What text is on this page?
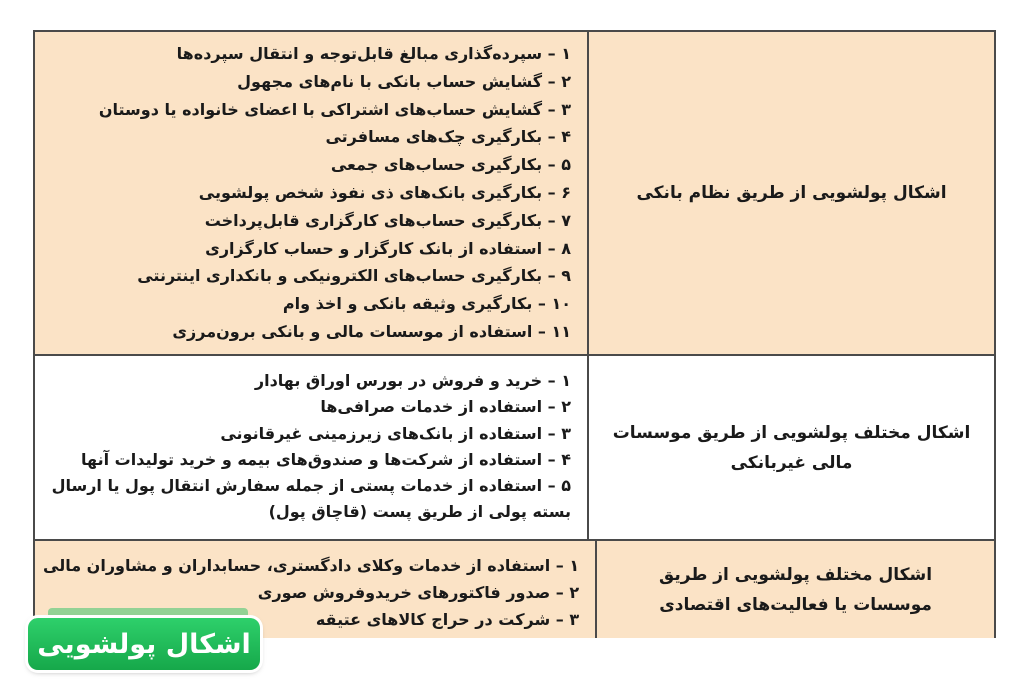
اشکال پولشویی از طریق نظام بانکی
۱ – سپرده‌گذاری مبالغ قابل‌توجه و انتقال سپرده‌ها
۲ – گشایش حساب بانکی با نام‌های مجهول
۳ – گشایش حساب‌های اشتراکی با اعضای خانواده یا دوستان
۴ – بکارگیری چک‌های مسافرتی
۵ – بکارگیری حساب‌های جمعی
۶ – بکارگیری بانک‌های ذی نفوذ شخص پولشویی
۷ – بکارگیری حساب‌های کارگزاری قابل‌پرداخت
۸ – استفاده از بانک کارگزار و حساب کارگزاری
۹ – بکارگیری حساب‌های الکترونیکی و بانکداری اینترنتی
۱۰ – بکارگیری وثیقه بانکی و اخذ وام
۱۱ – استفاده از موسسات مالی و بانکی برون‌مرزی
اشکال مختلف پولشویی از طریق موسسات مالی غیربانکی
۱ – خرید و فروش در بورس اوراق بهادار
۲ – استفاده از خدمات صرافی‌ها
۳ – استفاده از بانک‌های زیرزمینی غیرقانونی
۴ – استفاده از شرکت‌ها و صندوق‌های بیمه و خرید تولیدات آنها
۵ – استفاده از خدمات پستی از جمله سفارش انتقال پول یا ارسال بسته پولی از طریق پست (قاچاق پول)
اشکال مختلف پولشویی از طریق موسسات یا فعالیت‌های اقتصادی
۱ – استفاده از خدمات وکلای دادگستری، حسابداران و مشاوران مالی
۲ – صدور فاکتورهای خریدوفروش صوری
۳ – شرکت در حراج کالاهای عتیقه
اشکال پولشویی
